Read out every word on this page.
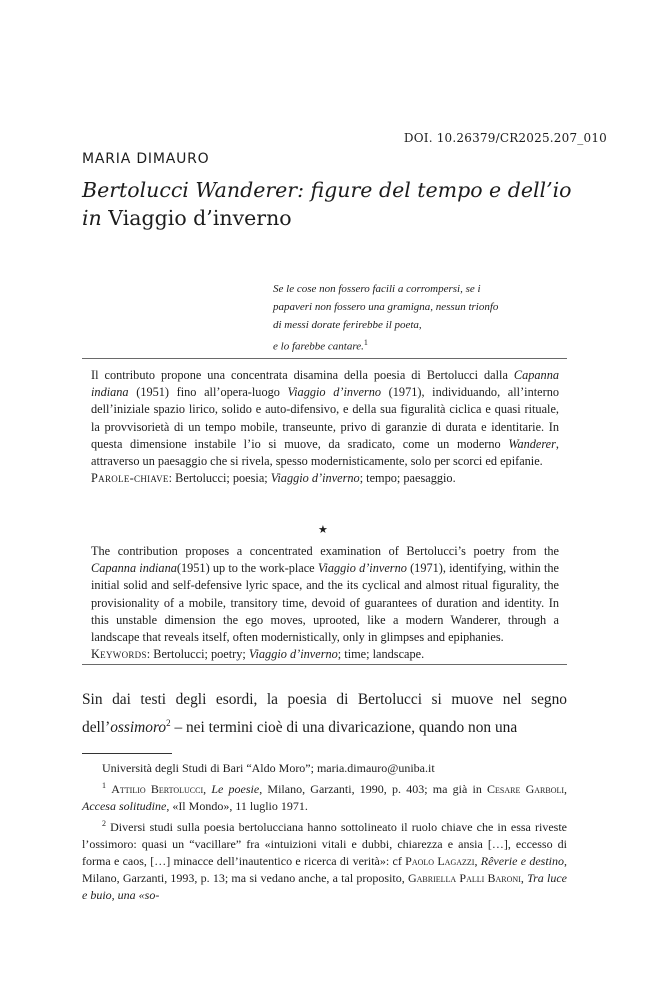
DOI. 10.26379/CR2025.207_010
MARIA DIMAURO
Bertolucci Wanderer: figure del tempo e dell’io
in Viaggio d’inverno
Se le cose non fossero facili a corrompersi, se i
papaveri non fossero una gramigna, nessun trionfo
di messi dorate ferirebbe il poeta,
e lo farebbe cantare.$^1$
Il contributo propone una concentrata disamina della poesia di Bertolucci dalla Capanna indiana (1951) fino all’opera-luogo Viaggio d’inverno (1971), individuando, all’interno dell’iniziale spazio lirico, solido e auto-difensivo, e della sua figuralità ciclica e quasi rituale, la provvisorietà di un tempo mobile, transeunte, privo di garanzie di durata e identitarie. In questa dimensione instabile l’io si muove, da sradicato, come un moderno Wanderer, attraverso un paesaggio che si rivela, spesso modernisticamente, solo per scorci ed epifanie.
Parole-chiave: Bertolucci; poesia; Viaggio d’inverno; tempo; paesaggio.
★
The contribution proposes a concentrated examination of Bertolucci’s poetry from the Capanna indiana(1951) up to the work-place Viaggio d’inverno (1971), identifying, within the initial solid and self-defensive lyric space, and the its cyclical and almost ritual figurality, the provisionality of a mobile, transitory time, devoid of guarantees of duration and identity. In this unstable dimension the ego moves, uprooted, like a modern Wanderer, through a landscape that reveals itself, often modernistically, only in glimpses and epiphanies.
Keywords: Bertolucci; poetry; Viaggio d’inverno; time; landscape.
Sin dai testi degli esordi, la poesia di Bertolucci si muove nel segno dell’ossimoro$^2$ – nei termini cioè di una divaricazione, quando non una

Università degli Studi di Bari “Aldo Moro”; maria.dimauro@uniba.it

$^1$ Attilio Bertolucci, Le poesie, Milano, Garzanti, 1990, p. 403; ma già in Cesare Garboli, Accesa solitudine, «Il Mondo», 11 luglio 1971.

$^2$ Diversi studi sulla poesia bertolucciana hanno sottolineato il ruolo chiave che in essa riveste l’ossimoro: quasi un “vacillare” fra «intuizioni vitali e dubbi, chiarezza e ansia […], eccesso di forma e caos, […] minacce dell’inautentico e ricerca di verità»: cf Paolo Lagazzi, Rêverie e destino, Milano, Garzanti, 1993, p. 13; ma si vedano anche, a tal proposito, Gabriella Palli Baroni, Tra luce e buio, una «so-
